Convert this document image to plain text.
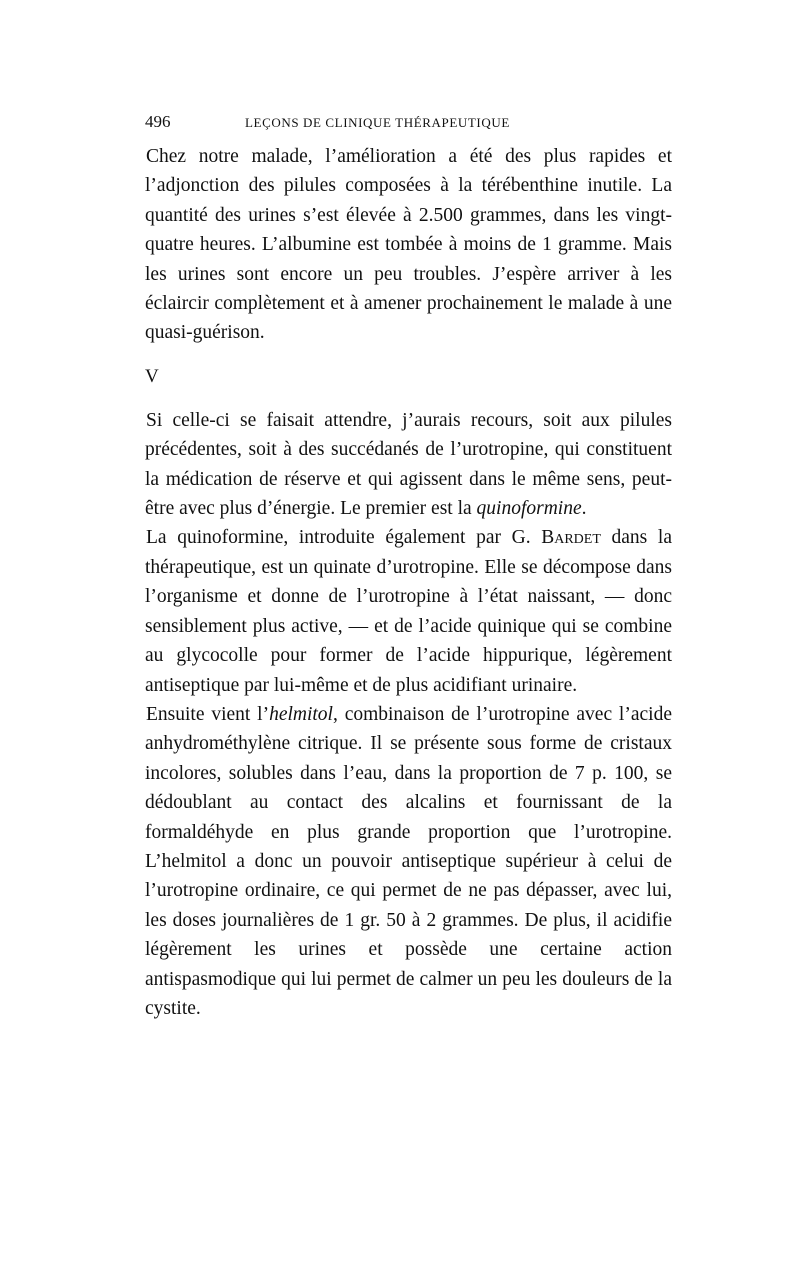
496	LEÇONS DE CLINIQUE THÉRAPEUTIQUE

Chez notre malade, l’amélioration a été des plus rapides et l’adjonction des pilules composées à la térébenthine inutile. La quantité des urines s’est élevée à 2.500 grammes, dans les vingt-quatre heures. L’albumine est tombée à moins de 1 gramme. Mais les urines sont encore un peu troubles. J’espère arriver à les éclaircir complètement et à amener prochainement le malade à une quasi-guérison.

V

Si celle-ci se faisait attendre, j’aurais recours, soit aux pilules précédentes, soit à des succédanés de l’urotropine, qui constituent la médication de réserve et qui agissent dans le même sens, peut-être avec plus d’énergie. Le premier est la quinoformine.

La quinoformine, introduite également par G. Bardet dans la thérapeutique, est un quinate d’urotropine. Elle se décompose dans l’organisme et donne de l’urotropine à l’état naissant, — donc sensiblement plus active, — et de l’acide quinique qui se combine au glycocolle pour former de l’acide hippurique, légèrement antiseptique par lui-même et de plus acidifiant urinaire.

Ensuite vient l’helmitol, combinaison de l’urotropine avec l’acide anhydrométhylène citrique. Il se présente sous forme de cristaux incolores, solubles dans l’eau, dans la proportion de 7 p. 100, se dédoublant au contact des alcalins et fournissant de la formaldéhyde en plus grande proportion que l’urotropine. L’helmitol a donc un pouvoir antiseptique supérieur à celui de l’urotropine ordinaire, ce qui permet de ne pas dépasser, avec lui, les doses journalières de 1 gr. 50 à 2 grammes. De plus, il acidifie légèrement les urines et possède une certaine action antispasmodique qui lui permet de calmer un peu les douleurs de la cystite.
